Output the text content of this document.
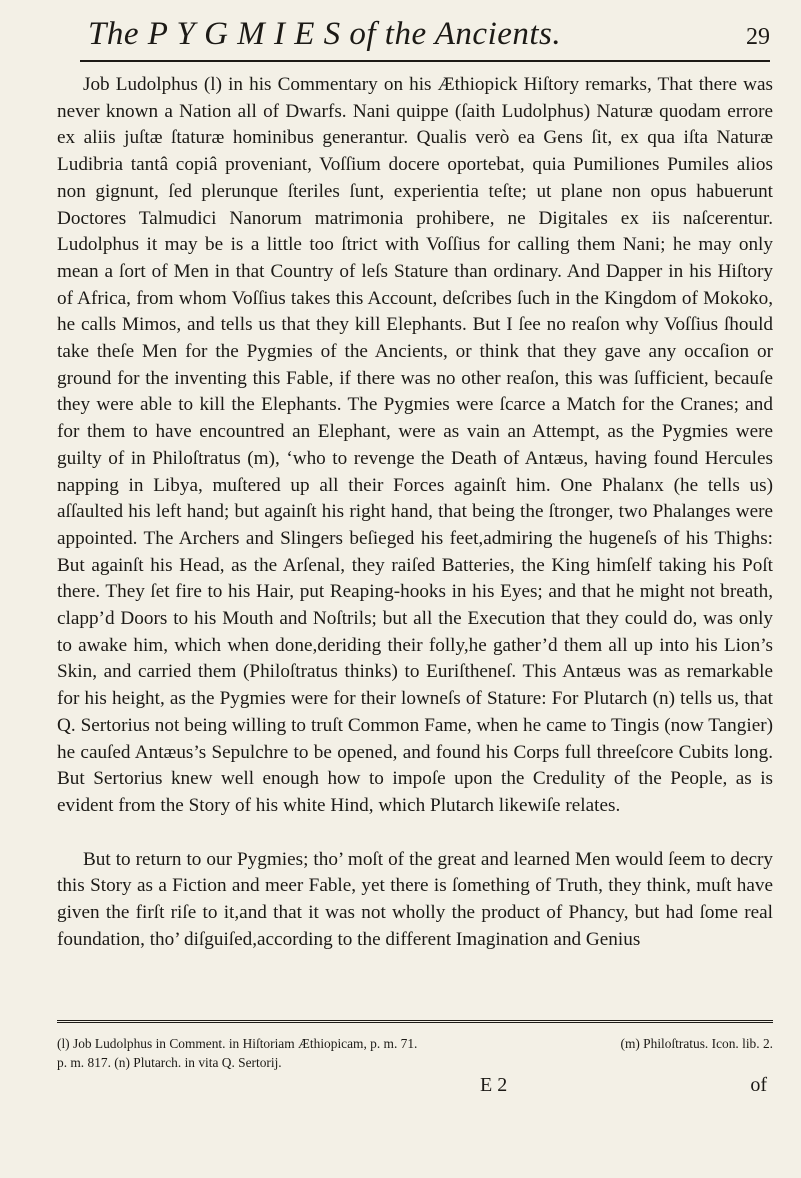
The P Y G M I E S of the Ancients.	29

Job Ludolphus (l) in his Commentary on his Æthiopick Hiſtory remarks, That there was never known a Nation all of Dwarfs. Nani quippe (ſaith Ludolphus) Naturæ quodam errore ex aliis juſtæ ſtaturæ hominibus generantur. Qualis verò ea Gens ſit, ex qua iſta Naturæ Ludibria tantâ copiâ proveniant, Voſſium docere oportebat, quia Pumiliones Pumiles alios non gignunt, ſed plerunque ſteriles ſunt, experientia teſte; ut plane non opus habuerunt Doctores Talmudici Nanorum matrimonia prohibere, ne Digitales ex iis naſcerentur. Ludolphus it may be is a little too ſtrict with Voſſius for calling them Nani; he may only mean a ſort of Men in that Country of leſs Stature than ordinary. And Dapper in his Hiſtory of Africa, from whom Voſſius takes this Account, deſcribes ſuch in the Kingdom of Mokoko, he calls Mimos, and tells us that they kill Elephants. But I ſee no reaſon why Voſſius ſhould take theſe Men for the Pygmies of the Ancients, or think that they gave any occaſion or ground for the inventing this Fable, if there was no other reaſon, this was ſufficient, becauſe they were able to kill the Elephants. The Pygmies were ſcarce a Match for the Cranes; and for them to have encountred an Elephant, were as vain an Attempt, as the Pygmies were guilty of in Philoſtratus (m), ‘who to revenge the Death of Antæus, having found Hercules napping in Libya, muſtered up all their Forces againſt him. One Phalanx (he tells us) aſſaulted his left hand; but againſt his right hand, that being the ſtronger, two Phalanges were appointed. The Archers and Slingers beſieged his feet,admiring the hugeneſs of his Thighs: But againſt his Head, as the Arſenal, they raiſed Batteries, the King himſelf taking his Poſt there. They ſet fire to his Hair, put Reaping-hooks in his Eyes; and that he might not breath, clapp’d Doors to his Mouth and Noſtrils; but all the Execution that they could do, was only to awake him, which when done,deriding their folly,he gather’d them all up into his Lion’s Skin, and carried them (Philoſtratus thinks) to Euriſtheneſ. This Antæus was as remarkable for his height, as the Pygmies were for their lowneſs of Stature: For Plutarch (n) tells us, that Q. Sertorius not being willing to truſt Common Fame, when he came to Tingis (now Tangier) he cauſed Antæus’s Sepulchre to be opened, and found his Corps full threeſcore Cubits long. But Sertorius knew well enough how to impoſe upon the Credulity of the People, as is evident from the Story of his white Hind, which Plutarch likewiſe relates.

But to return to our Pygmies; tho’ moſt of the great and learned Men would ſeem to decry this Story as a Fiction and meer Fable, yet there is ſomething of Truth, they think, muſt have given the firſt riſe to it,and that it was not wholly the product of Phancy, but had ſome real foundation, tho’ diſguiſed,according to the different Imagination and Genius

(l) Job Ludolphus in Comment. in Hiſtoriam Æthiopicam, p. m. 71.	(m) Philoſtratus. Icon. lib. 2.
p. m. 817. (n) Plutarch. in vita Q. Sertorij.
E 2	of
